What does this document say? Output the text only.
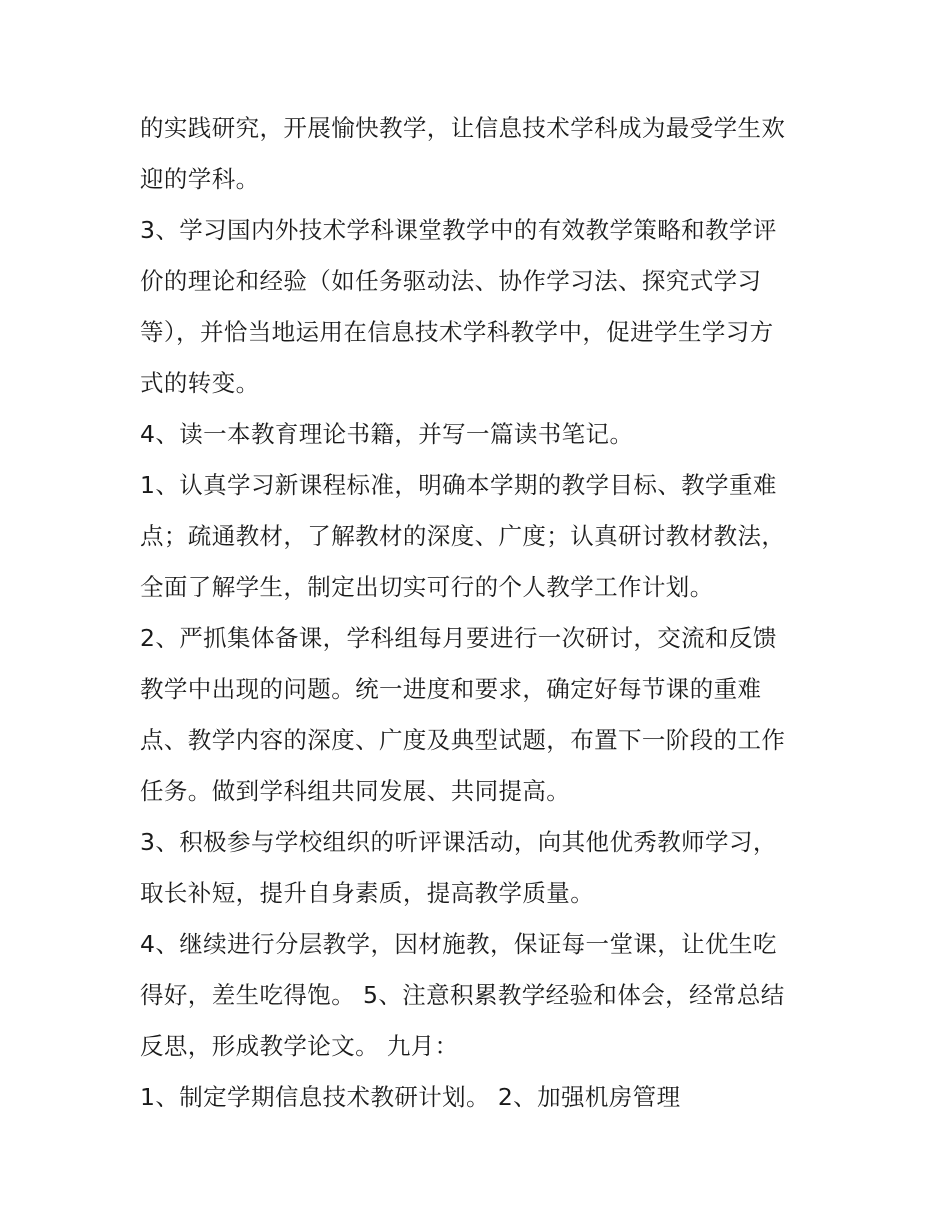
的实践研究，开展愉快教学，让信息技术学科成为最受学生欢
迎的学科。
3、学习国内外技术学科课堂教学中的有效教学策略和教学评
价的理论和经验（如任务驱动法、协作学习法、探究式学习
等），并恰当地运用在信息技术学科教学中，促进学生学习方
式的转变。
4、读一本教育理论书籍，并写一篇读书笔记。
1、认真学习新课程标准，明确本学期的教学目标、教学重难
点；疏通教材，了解教材的深度、广度；认真研讨教材教法，
全面了解学生，制定出切实可行的个人教学工作计划。
2、严抓集体备课，学科组每月要进行一次研讨，交流和反馈
教学中出现的问题。统一进度和要求，确定好每节课的重难
点、教学内容的深度、广度及典型试题，布置下一阶段的工作
任务。做到学科组共同发展、共同提高。
3、积极参与学校组织的听评课活动，向其他优秀教师学习，
取长补短，提升自身素质，提高教学质量。
4、继续进行分层教学，因材施教，保证每一堂课，让优生吃
得好，差生吃得饱。 5、注意积累教学经验和体会，经常总结
反思，形成教学论文。 九月：
1、制定学期信息技术教研计划。 2、加强机房管理
